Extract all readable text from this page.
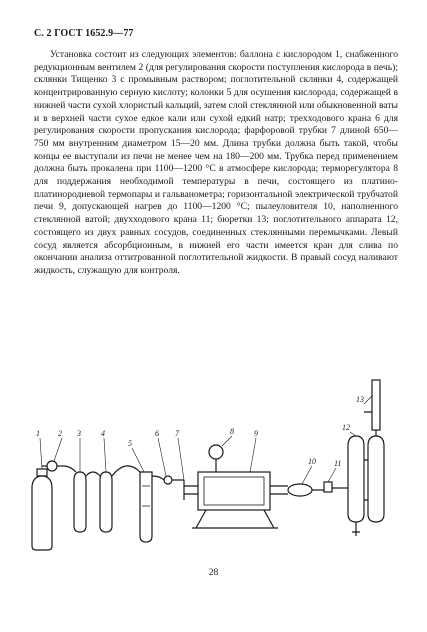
С. 2 ГОСТ 1652.9—77

Установка состоит из следующих элементов: баллона с кислородом 1, снабженного редукционным вентилем 2 (для регулирования скорости поступления кислорода в печь); склянки Тищенко 3 с промывным раствором; поглотительной склянки 4, содержащей концентрированную серную кислоту; колонки 5 для осушения кислорода, содержащей в нижней части сухой хлористый кальций, затем слой стеклянной или обыкновенной ваты и в верхней части сухое едкое кали или сухой едкий натр; трехходового крана 6 для регулирования скорости пропускания кислорода; фарфоровой трубки 7 длиной 650—750 мм внутренним диаметром 15—20 мм. Длина трубки должна быть такой, чтобы концы ее выступали из печи не менее чем на 180—200 мм. Трубка перед применением должна быть прокалена при 1100—1200 °С в атмосфере кислорода; терморегулятора 8 для поддержания необходимой температуры в печи, состоящего из платино-платинородиевой термопары и гальванометра; горизонтальной электрической трубчатой печи 9, допускающей нагрев до 1100—1200 °С; пылеуловителя 10, наполненного стеклянной ватой; двухходового крана 11; бюретки 13; поглотительного аппарата 12, состоящего из двух равных сосудов, соединенных стеклянными перемычками. Левый сосуд является абсорбционным, в нижней его части имеется кран для слива по окончании анализа оттитрованной поглотительной жидкости. В правый сосуд наливают жидкость, служащую для контроля.

1 2 3	4
5
6 7	8	9
10 11
12
13
28
